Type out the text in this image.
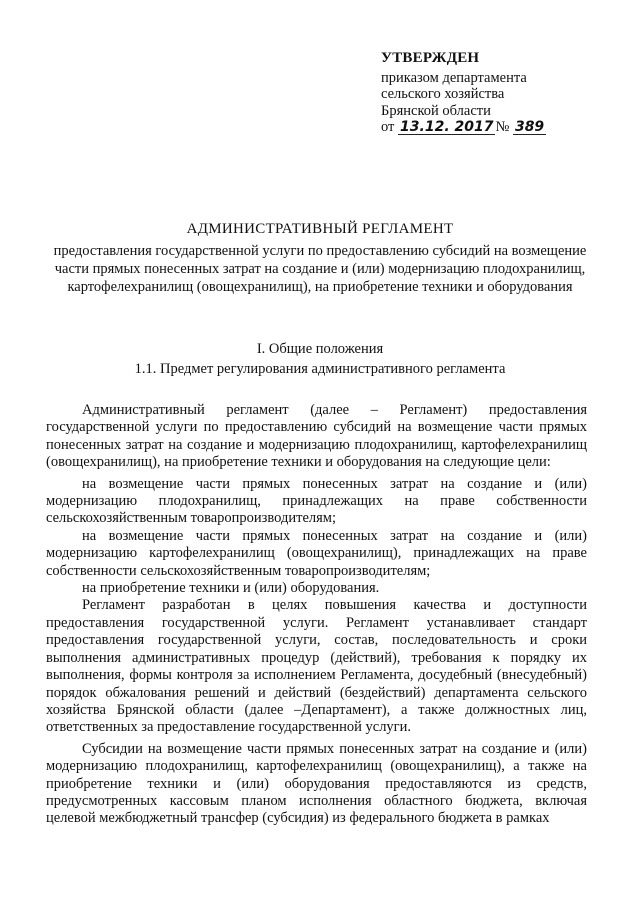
УТВЕРЖДЕН
приказом департамента
сельского хозяйства
Брянской области
от 13.12. 2017 № 389
АДМИНИСТРАТИВНЫЙ РЕГЛАМЕНТ
предоставления государственной услуги по предоставлению субсидий на возмещение части прямых понесенных затрат на создание и (или) модернизацию плодохранилищ, картофелехранилищ (овощехранилищ), на приобретение техники и оборудования
I. Общие положения
1.1. Предмет регулирования административного регламента

Административный регламент (далее – Регламент) предоставления государственной услуги по предоставлению субсидий на возмещение части прямых понесенных затрат на создание и модернизацию плодохранилищ, картофелехранилищ (овощехранилищ), на приобретение техники и оборудования на следующие цели:

на возмещение части прямых понесенных затрат на создание и (или) модернизацию плодохранилищ, принадлежащих на праве собственности сельскохозяйственным товаропроизводителям;

на возмещение части прямых понесенных затрат на создание и (или) модернизацию картофелехранилищ (овощехранилищ), принадлежащих на праве собственности сельскохозяйственным товаропроизводителям;

на приобретение техники и (или) оборудования.

Регламент разработан в целях повышения качества и доступности предоставления государственной услуги. Регламент устанавливает стандарт предоставления государственной услуги, состав, последовательность и сроки выполнения административных процедур (действий), требования к порядку их выполнения, формы контроля за исполнением Регламента, досудебный (внесудебный) порядок обжалования решений и действий (бездействий) департамента сельского хозяйства Брянской области (далее –Департамент), а также должностных лиц, ответственных за предоставление государственной услуги.

Субсидии на возмещение части прямых понесенных затрат на создание и (или) модернизацию плодохранилищ, картофелехранилищ (овощехранилищ), а также на приобретение техники и (или) оборудования предоставляются из средств, предусмотренных кассовым планом исполнения областного бюджета, включая целевой межбюджетный трансфер (субсидия) из федерального бюджета в рамках
